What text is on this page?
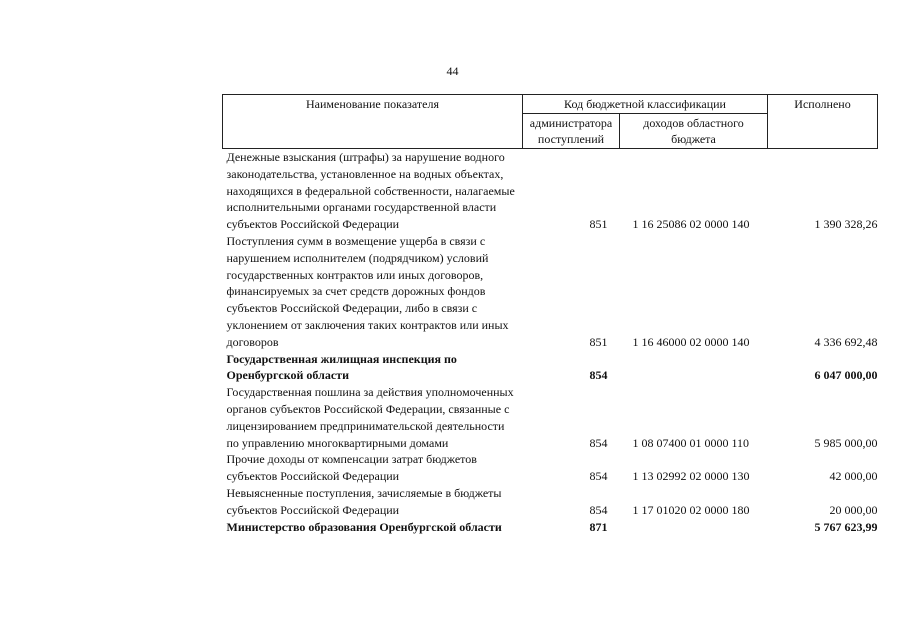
44
Наименование показателя	Код бюджетной классификации		Исполнено
	администратора поступлений	доходов областного бюджета	
Денежные взыскания (штрафы) за нарушение водного законодательства, установленное на водных объектах, находящихся в федеральной собственности, налагаемые исполнительными органами государственной власти субъектов Российской Федерации	851	1 16 25086 02 0000 140	1 390 328,26
Поступления сумм в возмещение ущерба в связи с нарушением исполнителем (подрядчиком) условий государственных контрактов или иных договоров, финансируемых за счет средств дорожных фондов субъектов Российской Федерации, либо в связи с уклонением от заключения таких контрактов или иных договоров	851	1 16 46000 02 0000 140	4 336 692,48
Государственная жилищная инспекция по Оренбургской области	854		6 047 000,00
Государственная пошлина за действия уполномоченных органов субъектов Российской Федерации, связанные с лицензированием предпринимательской деятельности по управлению многоквартирными домами	854	1 08 07400 01 0000 110	5 985 000,00
Прочие доходы от компенсации затрат бюджетов субъектов Российской Федерации	854	1 13 02992 02 0000 130	42 000,00
Невыясненные поступления, зачисляемые в бюджеты субъектов Российской Федерации	854	1 17 01020 02 0000 180	20 000,00
Министерство образования Оренбургской области	871		5 767 623,99
